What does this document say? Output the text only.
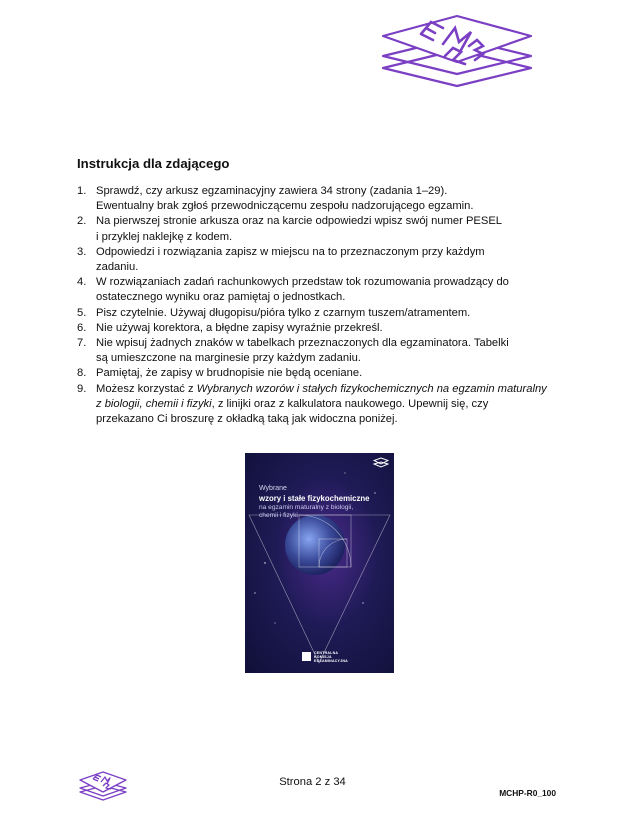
Instrukcja dla zdającego
1. Sprawdź, czy arkusz egzaminacyjny zawiera 34 strony (zadania 1–29).
Ewentualny brak zgłoś przewodniczącemu zespołu nadzorującego egzamin.
2. Na pierwszej stronie arkusza oraz na karcie odpowiedzi wpisz swój numer PESEL
i przyklej naklejkę z kodem.
3. Odpowiedzi i rozwiązania zapisz w miejscu na to przeznaczonym przy każdym
zadaniu.
4. W rozwiązaniach zadań rachunkowych przedstaw tok rozumowania prowadzący do
ostatecznego wyniku oraz pamiętaj o jednostkach.
5. Pisz czytelnie. Używaj długopisu/pióra tylko z czarnym tuszem/atramentem.
6. Nie używaj korektora, a błędne zapisy wyraźnie przekreśl.
7. Nie wpisuj żadnych znaków w tabelkach przeznaczonych dla egzaminatora. Tabelki
są umieszczone na marginesie przy każdym zadaniu.
8. Pamiętaj, że zapisy w brudnopisie nie będą oceniane.
9. Możesz korzystać z Wybranych wzorów i stałych fizykochemicznych na egzamin maturalny z biologii, chemii i fizyki, z linijki oraz z kalkulatora naukowego. Upewnij się, czy przekazano Ci broszurę z okładką taką jak widoczna poniżej.
Wybrane
wzory i stałe fizykochemiczne
na egzamin maturalny z biologii, chemii i fizyki
CENTRALNA
KOMISJA
EGZAMINACYJNA

Strona 2 z 34

MCHP-R0_100
